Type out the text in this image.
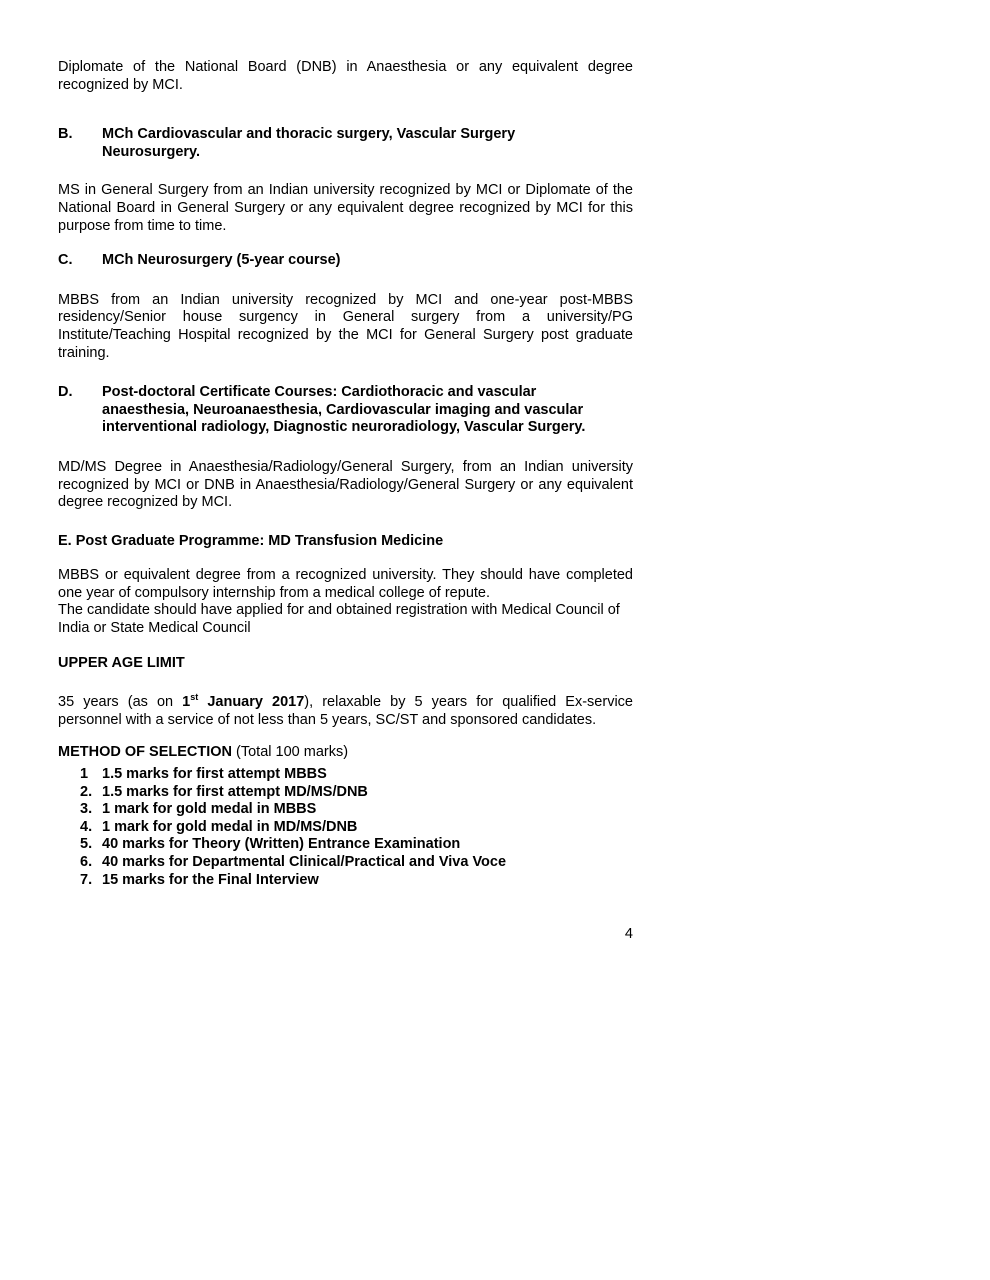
Diplomate of the National Board (DNB) in Anaesthesia or any equivalent degree recognized by MCI.

B.	MCh Cardiovascular and thoracic surgery, Vascular Surgery
Neurosurgery.

MS in General Surgery from an Indian university recognized by MCI or Diplomate of the National Board in General Surgery or any equivalent degree recognized by MCI for this purpose from time to time.

C.	MCh Neurosurgery (5-year course)

MBBS from an Indian university recognized by MCI and one-year post-MBBS residency/Senior house surgency in General surgery from a university/PG Institute/Teaching Hospital recognized by the MCI for General Surgery post graduate training.

D.	Post-doctoral Certificate Courses: Cardiothoracic and vascular
anaesthesia, Neuroanaesthesia, Cardiovascular imaging and vascular
interventional radiology, Diagnostic neuroradiology, Vascular Surgery.

MD/MS Degree in Anaesthesia/Radiology/General Surgery, from an Indian university recognized by MCI or DNB in Anaesthesia/Radiology/General Surgery or any equivalent degree recognized by MCI.

E. Post Graduate Programme: MD Transfusion Medicine

MBBS or equivalent degree from a recognized university. They should have completed one year of compulsory internship from a medical college of repute.

The candidate should have applied for and obtained registration with Medical Council of India or State Medical Council

UPPER AGE LIMIT

35 years (as on 1st January 2017), relaxable by 5 years for qualified Ex-service personnel with a service of not less than 5 years, SC/ST and sponsored candidates.

METHOD OF SELECTION (Total 100 marks)
1 1.5 marks for first attempt MBBS
2. 1.5 marks for first attempt MD/MS/DNB
3. 1 mark for gold medal in MBBS
4. 1 mark for gold medal in MD/MS/DNB
5. 40 marks for Theory (Written) Entrance Examination
6. 40 marks for Departmental Clinical/Practical and Viva Voce
7. 15 marks for the Final Interview
4
